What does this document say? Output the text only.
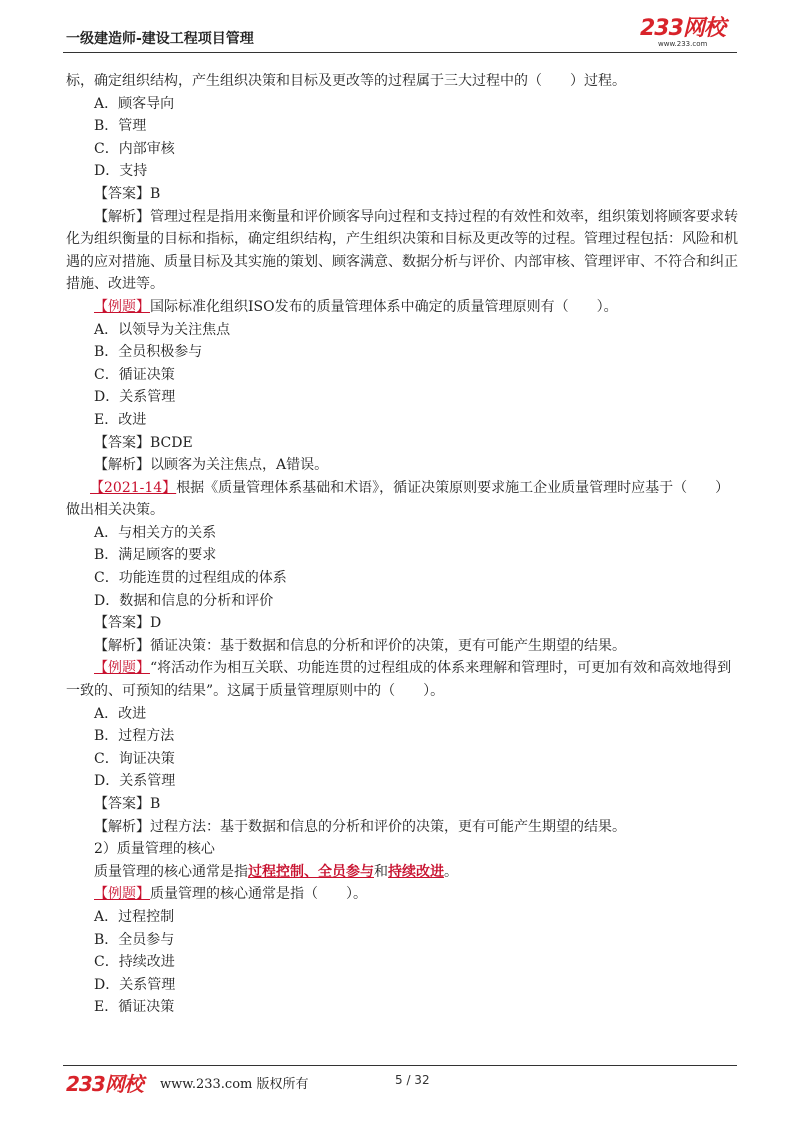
一级建造师-建设工程项目管理	233网校
www.233.com

标，确定组织结构，产生组织决策和目标及更改等的过程属于三大过程中的（　　）过程。

A．顾客导向

B．管理

C．内部审核

D．支持

【答案】B

【解析】管理过程是指用来衡量和评价顾客导向过程和支持过程的有效性和效率，组织策划将顾客要求转化为组织衡量的目标和指标，确定组织结构，产生组织决策和目标及更改等的过程。管理过程包括：风险和机遇的应对措施、质量目标及其实施的策划、顾客满意、数据分析与评价、内部审核、管理评审、不符合和纠正措施、改进等。

【例题】国际标准化组织ISO发布的质量管理体系中确定的质量管理原则有（　　）。

A．以领导为关注焦点

B．全员积极参与

C．循证决策

D．关系管理

E．改进

【答案】BCDE

【解析】以顾客为关注焦点，A错误。

【2021-14】根据《质量管理体系基础和术语》，循证决策原则要求施工企业质量管理时应基于（　　）做出相关决策。

A．与相关方的关系

B．满足顾客的要求

C．功能连贯的过程组成的体系

D．数据和信息的分析和评价

【答案】D

【解析】循证决策：基于数据和信息的分析和评价的决策，更有可能产生期望的结果。

【例题】“将活动作为相互关联、功能连贯的过程组成的体系来理解和管理时，可更加有效和高效地得到一致的、可预知的结果”。这属于质量管理原则中的（　　）。

A．改进

B．过程方法

C．询证决策

D．关系管理

【答案】B

【解析】过程方法：基于数据和信息的分析和评价的决策，更有可能产生期望的结果。

2）质量管理的核心

质量管理的核心通常是指过程控制、全员参与和持续改进。

【例题】质量管理的核心通常是指（　　）。

A．过程控制

B．全员参与

C．持续改进

D．关系管理

E．循证决策

233网校 www.233.com 版权所有	5 / 32
